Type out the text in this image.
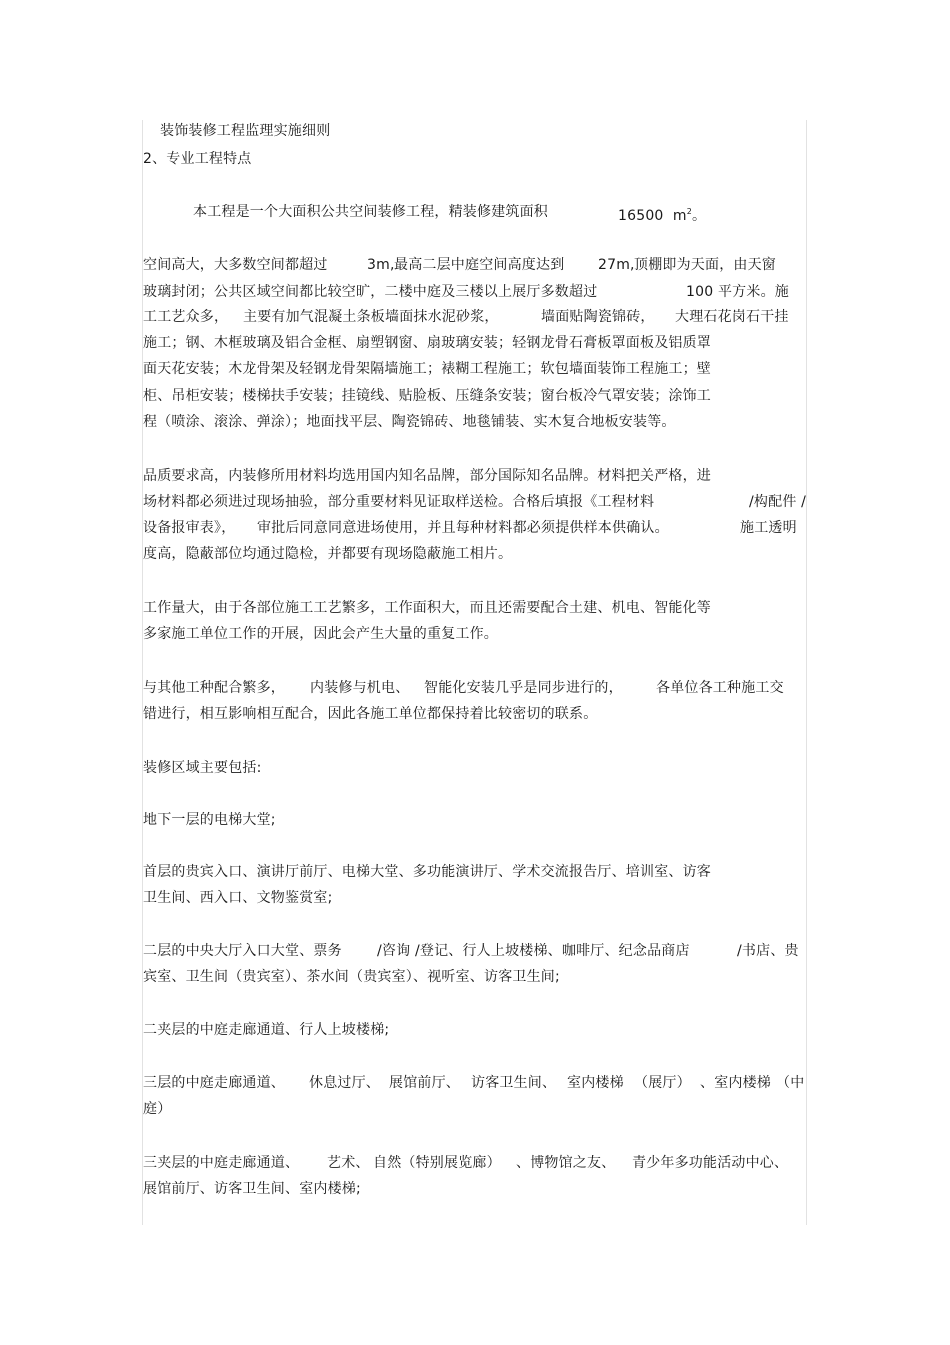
装饰装修工程监理实施细则
2、专业工程特点
本工程是一个大面积公共空间装修工程，精装修建筑面积	16500 $m^2$。
空间高大，大多数空间都超过	3m, 最高二层中庭空间高度达到 27m, 顶棚即为天面，由天窗
玻璃封闭；公共区域空间都比较空旷，二楼中庭及三楼以上展厅多数超过	100 平方米。施
工工艺众多， 主要有加气混凝土条板墙面抹水泥砂浆，	墙面贴陶瓷锦砖， 大理石花岗石干挂
施工；钢、木框玻璃及铝合金框、扇塑钢窗、扇玻璃安装；轻钢龙骨石膏板罩面板及铝质罩
面天花安装；木龙骨架及轻钢龙骨架隔墙施工；裱糊工程施工；软包墙面装饰工程施工；壁
柜、吊柜安装；楼梯扶手安装；挂镜线、贴脸板、压缝条安装；窗台板冷气罩安装；涂饰工
程（喷涂、滚涂、弹涂）；地面找平层、陶瓷锦砖、地毯铺装、实木复合地板安装等。
品质要求高，内装修所用材料均选用国内知名品牌，部分国际知名品牌。材料把关严格，进
场材料都必须进过现场抽验，部分重要材料见证取样送检。合格后填报《工程材料	/构配件 /
设备报审表》， 审批后同意同意进场使用，并且每种材料都必须提供样本供确认。	施工透明
度高，隐蔽部位均通过隐检，并都要有现场隐蔽施工相片。
工作量大，由于各部位施工工艺繁多，工作面积大，而且还需要配合土建、机电、智能化等
多家施工单位工作的开展，因此会产生大量的重复工作。
与其他工种配合繁多， 内装修与机电、 智能化安装几乎是同步进行的， 各单位各工种施工交
错进行，相互影响相互配合，因此各施工单位都保持着比较密切的联系。
装修区域主要包括:
地下一层的电梯大堂;
首层的贵宾入口、演讲厅前厅、电梯大堂、多功能演讲厅、学术交流报告厅、培训室、访客
卫生间、西入口、文物鉴赏室;
二层的中央大厅入口大堂、票务	/咨询 /登记、行人上坡楼梯、咖啡厅、纪念品商店	/书店、贵
宾室、卫生间（贵宾室）、茶水间（贵宾室）、视听室、访客卫生间;
二夹层的中庭走廊通道、行人上坡楼梯;
三层的中庭走廊通道、 休息过厅、 展馆前厅、 访客卫生间、 室内楼梯 （展厅） 、室内楼梯 （中
庭）
三夹层的中庭走廊通道、 艺术、 自然（特别展览廊） 、博物馆之友、 青少年多功能活动中心、
展馆前厅、访客卫生间、室内楼梯;
